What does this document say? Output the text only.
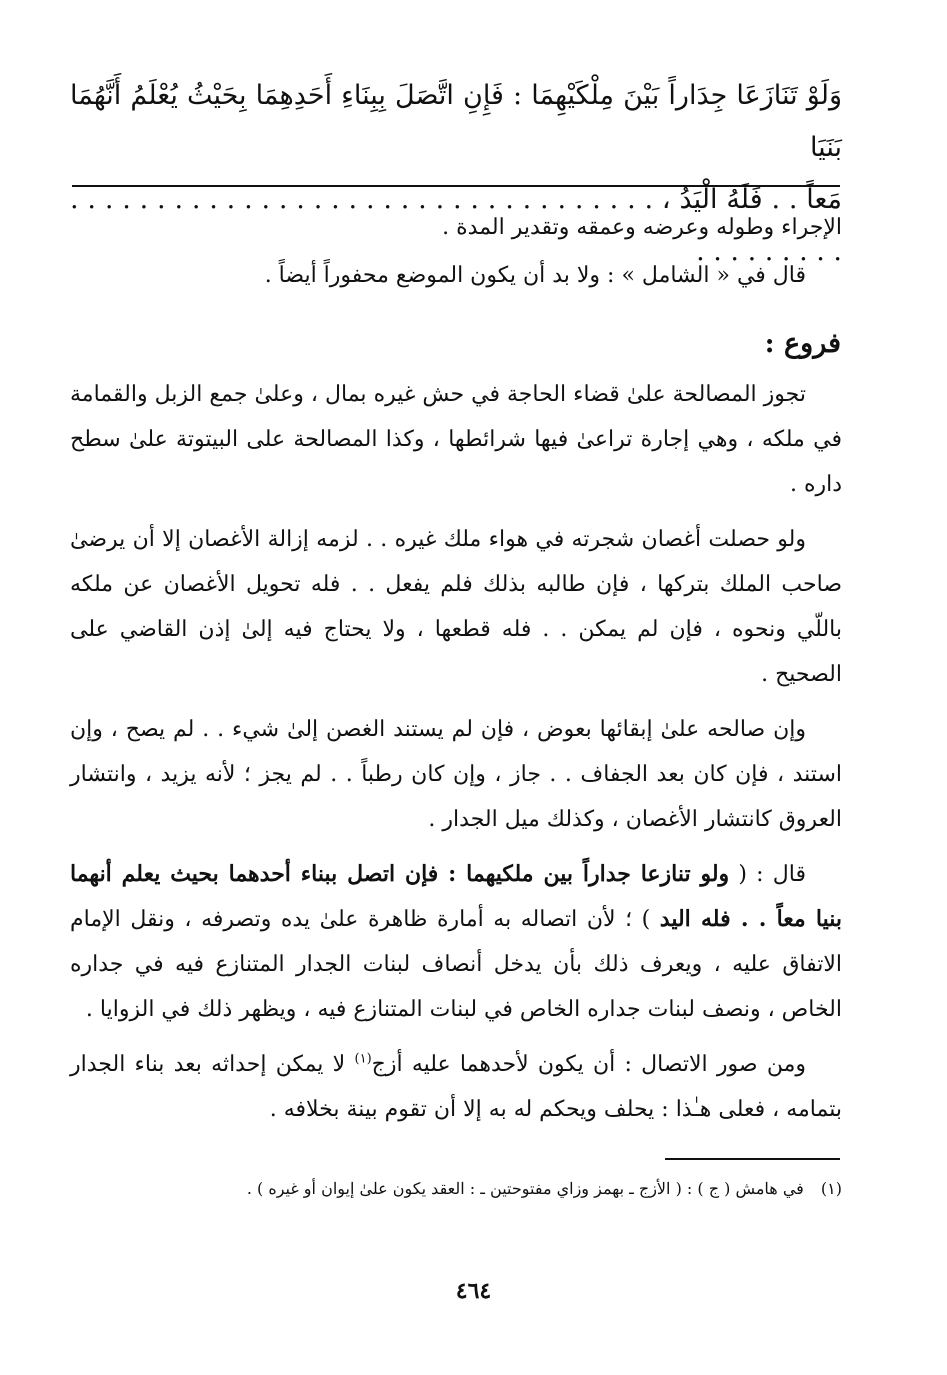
وَلَوْ تَنَازَعَا جِدَاراً بَيْنَ مِلْكَيْهِمَا : فَإِنِ اتَّصَلَ بِبِنَاءِ أَحَدِهِمَا بِحَيْثُ يُعْلَمُ أَنَّهُمَا بَنَيَا
مَعاً . . فَلَهُ الْيَدُ ، . . . . . . . . . . . . . . . . . . . . . . . . . . . . . . . . . . . . . . . . . . .

الإجراء وطوله وعرضه وعمقه وتقدير المدة .

قال في « الشامل » : ولا بد أن يكون الموضع محفوراً أيضاً .

فروع :

تجوز المصالحة علىٰ قضاء الحاجة في حش غيره بمال ، وعلىٰ جمع الزبل والقمامة في ملكه ، وهي إجارة تراعىٰ فيها شرائطها ، وكذا المصالحة على البيتوتة علىٰ سطح داره .

ولو حصلت أغصان شجرته في هواء ملك غيره . . لزمه إزالة الأغصان إلا أن يرضىٰ صاحب الملك بتركها ، فإن طالبه بذلك فلم يفعل . . فله تحويل الأغصان عن ملكه باللّي ونحوه ، فإن لم يمكن . . فله قطعها ، ولا يحتاج فيه إلىٰ إذن القاضي على الصحيح .

وإن صالحه علىٰ إبقائها بعوض ، فإن لم يستند الغصن إلىٰ شيء . . لم يصح ، وإن استند ، فإن كان بعد الجفاف . . جاز ، وإن كان رطباً . . لم يجز ؛ لأنه يزيد ، وانتشار العروق كانتشار الأغصان ، وكذلك ميل الجدار .

قال : ( ولو تنازعا جداراً بين ملكيهما : فإن اتصل ببناء أحدهما بحيث يعلم أنهما بنيا معاً . . فله اليد ) ؛ لأن اتصاله به أمارة ظاهرة علىٰ يده وتصرفه ، ونقل الإمام الاتفاق عليه ، ويعرف ذلك بأن يدخل أنصاف لبنات الجدار المتنازع فيه في جداره الخاص ، ونصف لبنات جداره الخاص في لبنات المتنازع فيه ، ويظهر ذلك في الزوايا .

ومن صور الاتصال : أن يكون لأحدهما عليه أزج$^{(١)}$ لا يمكن إحداثه بعد بناء الجدار بتمامه ، فعلى هـٰذا : يحلف ويحكم له به إلا أن تقوم بينة بخلافه .

(١) في هامش ( ج ) : ( الأزج ـ بهمز وزاي مفتوحتين ـ : العقد يكون علىٰ إيوان أو غيره ) .
٤٦٤
